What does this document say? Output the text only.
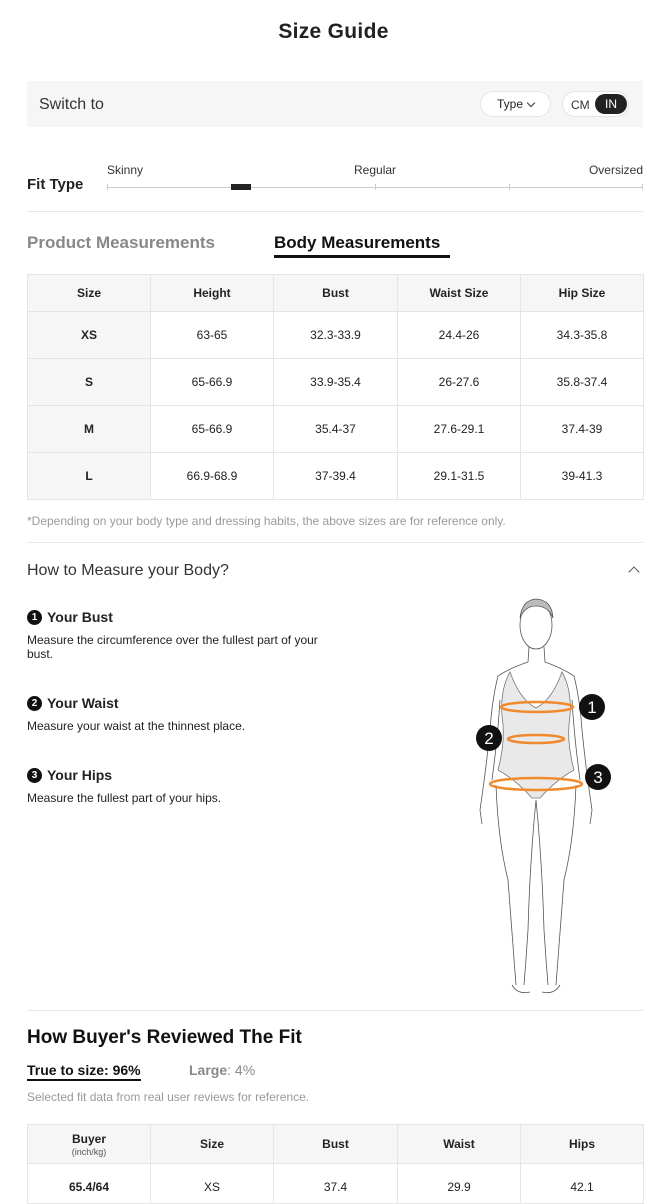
Size Guide
Switch to	Type	CM	IN
Fit Type
Skinny	Regular	Oversized
Product Measurements	Body Measurements
Size	Height	Bust	Waist Size	Hip Size
XS	63-65	32.3-33.9	24.4-26	34.3-35.8
S	65-66.9	33.9-35.4	26-27.6	35.8-37.4
M	65-66.9	35.4-37	27.6-29.1	37.4-39
L	66.9-68.9	37-39.4	29.1-31.5	39-41.3
*Depending on your body type and dressing habits, the above sizes are for reference only.
How to Measure your Body?
1 Your Bust
Measure the circumference over the fullest part of your bust.
2 Your Waist
Measure your waist at the thinnest place.
3 Your Hips
Measure the fullest part of your hips.
1
2
3
How Buyer's Reviewed The Fit
True to size: 96%	Large: 4%
Selected fit data from real user reviews for reference.
Buyer
(inch/kg)	Size	Bust	Waist	Hips
65.4/64	XS	37.4	29.9	42.1
